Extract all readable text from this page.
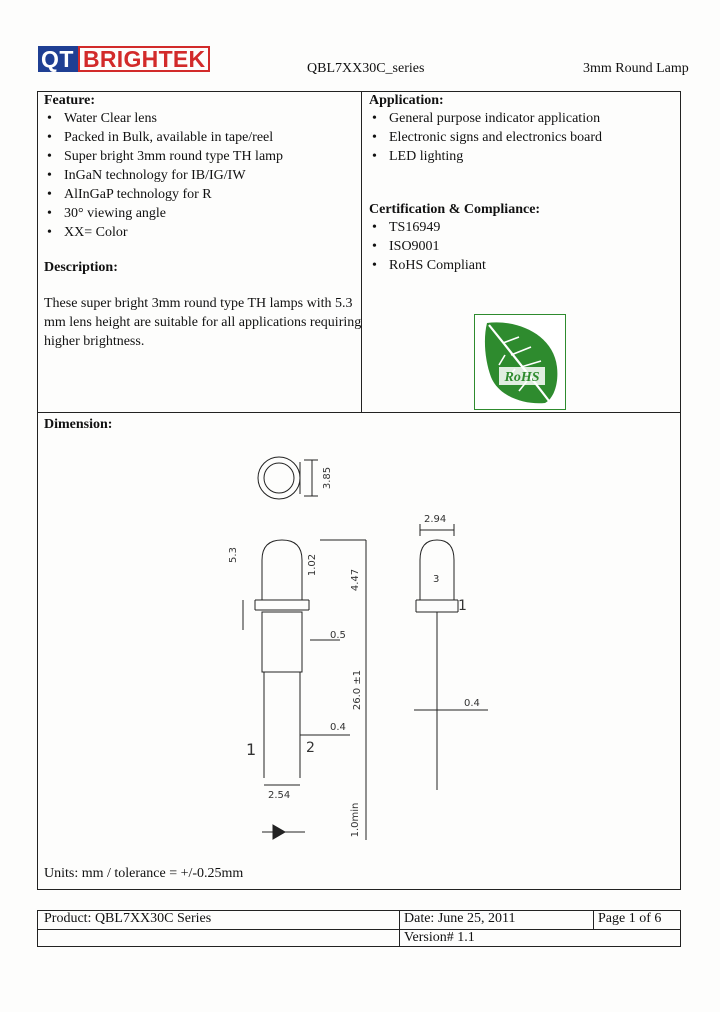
QT BRIGHTEK	QBL7XX30C_series	3mm Round Lamp
Feature:
• Water Clear lens
• Packed in Bulk, available in tape/reel
• Super bright 3mm round type TH lamp
• InGaN technology for IB/IG/IW
• AlInGaP technology for R
• 30° viewing angle
• XX= Color
Description:
These super bright 3mm round type TH lamps with 5.3 mm lens height are suitable for all applications requiring higher brightness.
Application:
• General purpose indicator application
• Electronic signs and electronics board
• LED lighting
Certification & Compliance:
• TS16949
• ISO9001
• RoHS Compliant
RoHS
Dimension:
3.85
5.3	1.02
4.47
0.5
26.0 ±1
0.4
2
1
2.54
1.0min
2.94
3
1
0.4
Units: mm / tolerance = +/-0.25mm
Product: QBL7XX30C Series	Date: June 25, 2011	Page 1 of 6
Version# 1.1
